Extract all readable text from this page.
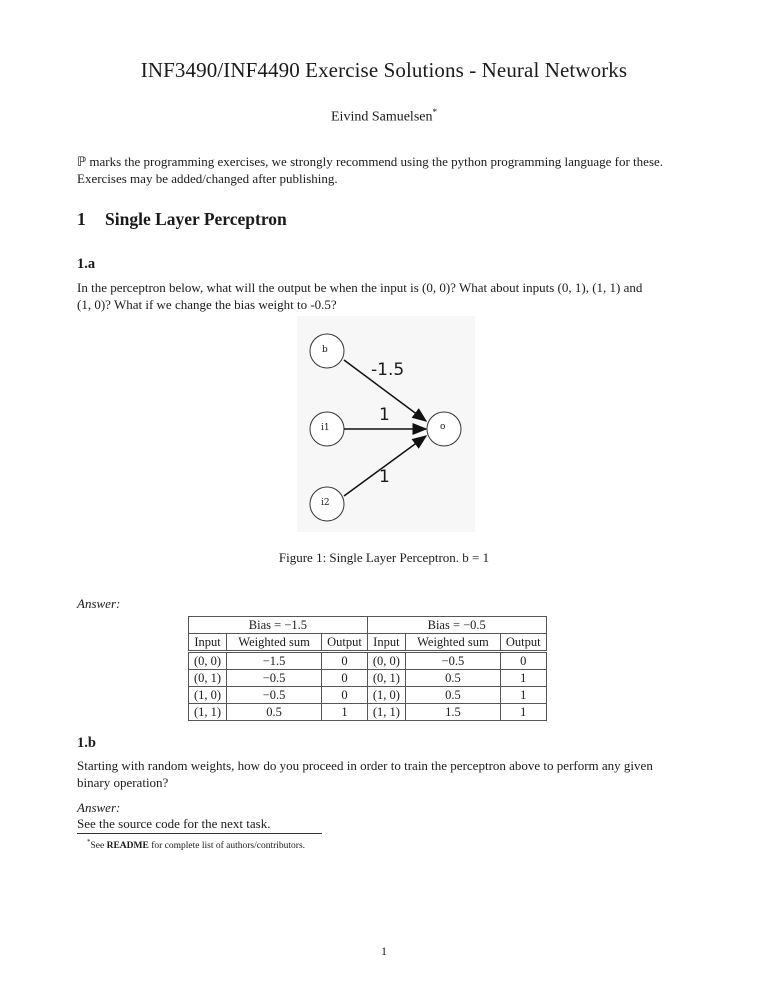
INF3490/INF4490 Exercise Solutions - Neural Networks
Eivind Samuelsen*
ℙ marks the programming exercises, we strongly recommend using the python programming language for these.
Exercises may be added/changed after publishing.
1 Single Layer Perceptron
1.a
In the perceptron below, what will the output be when the input is (0, 0)? What about inputs (0, 1), (1, 1) and
(1, 0)? What if we change the bias weight to -0.5?
b
i1
i2
o
-1.5
1
1
Figure 1: Single Layer Perceptron. b = 1
Answer:
Bias = −1.5			Bias = −0.5		
Input	Weighted sum	Output	Input	Weighted sum	Output
(0, 0)	−1.5	0	(0, 0)	−0.5	0
(0, 1)	−0.5	0	(0, 1)	0.5	1
(1, 0)	−0.5	0	(1, 0)	0.5	1
(1, 1)	0.5	1	(1, 1)	1.5	1
1.b
Starting with random weights, how do you proceed in order to train the perceptron above to perform any given
binary operation?
Answer:
See the source code for the next task.
*See README for complete list of authors/contributors.
1
